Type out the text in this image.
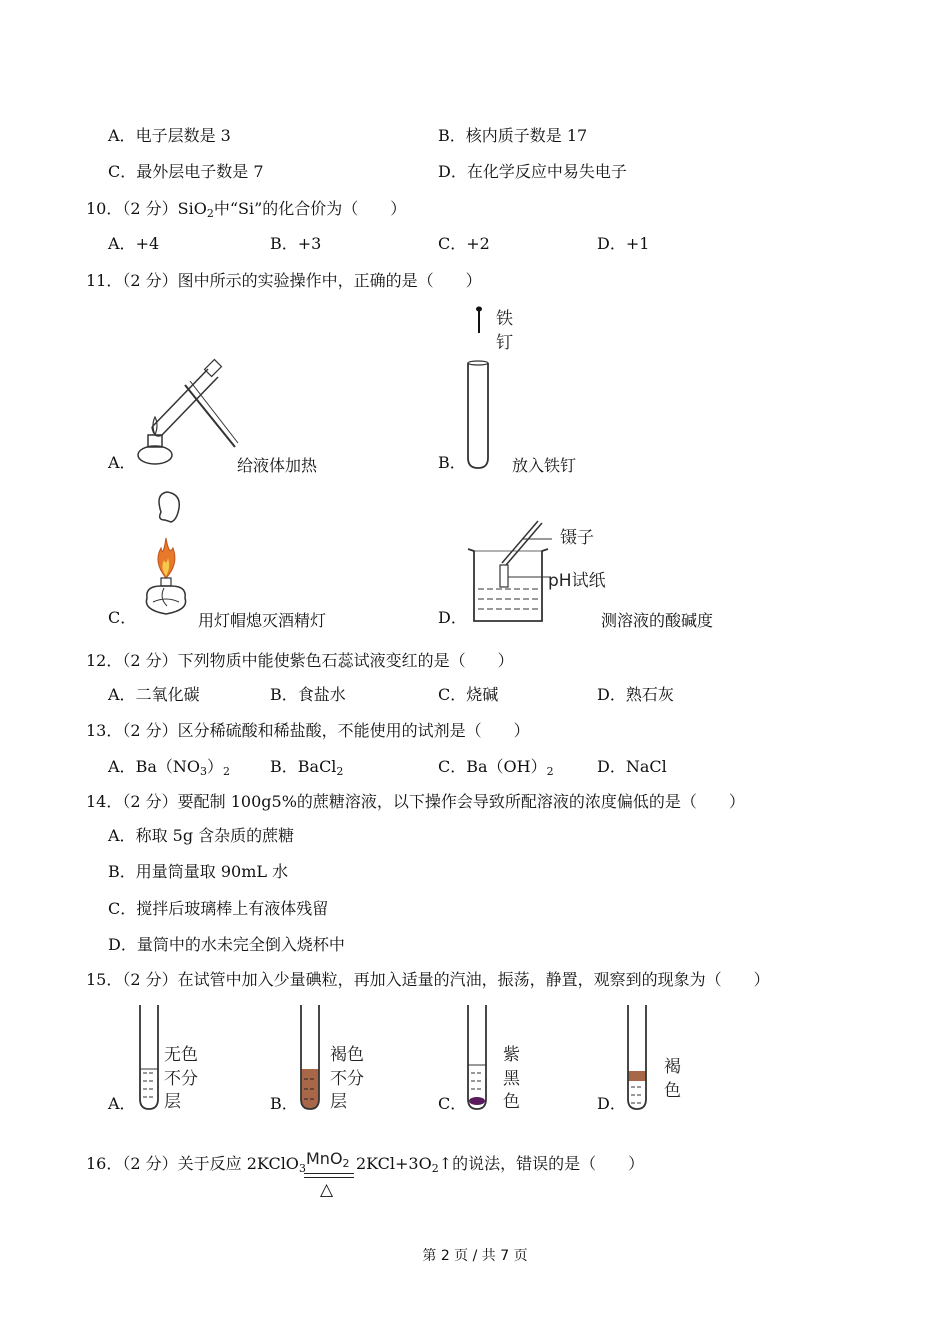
A．电子层数是 3	B．核内质子数是 17
C．最外层电子数是 7	D．在化学反应中易失电子
10．（2 分）SiO$_2$中“Si”的化合价为（　　）
A．+4	B．+3	C．+2	D．+1
11．（2 分）图中所示的实验操作中，正确的是（　　）
A．	给液体加热	B．
铁
钉
放入铁钉
C．	用灯帽熄灭酒精灯	D．
镊子
pH试纸
测溶液的酸碱度
12．（2 分）下列物质中能使紫色石蕊试液变红的是（　　）
A．二氧化碳	B．食盐水	C．烧碱	D．熟石灰
13．（2 分）区分稀硫酸和稀盐酸，不能使用的试剂是（　　）
A．$Ba(NO_3)_2$	B．BaCl$_2$	C．$Ba(OH)_2$	D．NaCl
14．（2 分）要配制 100g5%的蔗糖溶液，以下操作会导致所配溶液的浓度偏低的是（　　）
A．称取 5g 含杂质的蔗糖
B．用量筒量取 90mL 水
C．搅拌后玻璃棒上有液体残留
D．量筒中的水未完全倒入烧杯中
15．（2 分）在试管中加入少量碘粒，再加入适量的汽油，振荡，静置，观察到的现象为（　　）
A．
无色
不分
层	B．
褐色
不分
层	C．
紫
黑
色	D．
褐
色
16．（2 分）关于反应 2KClO$_3$	$2KCl+3O_2↑$的说法，错误的是（　　）
MnO$_2$
△
第 2 页 / 共 7 页
